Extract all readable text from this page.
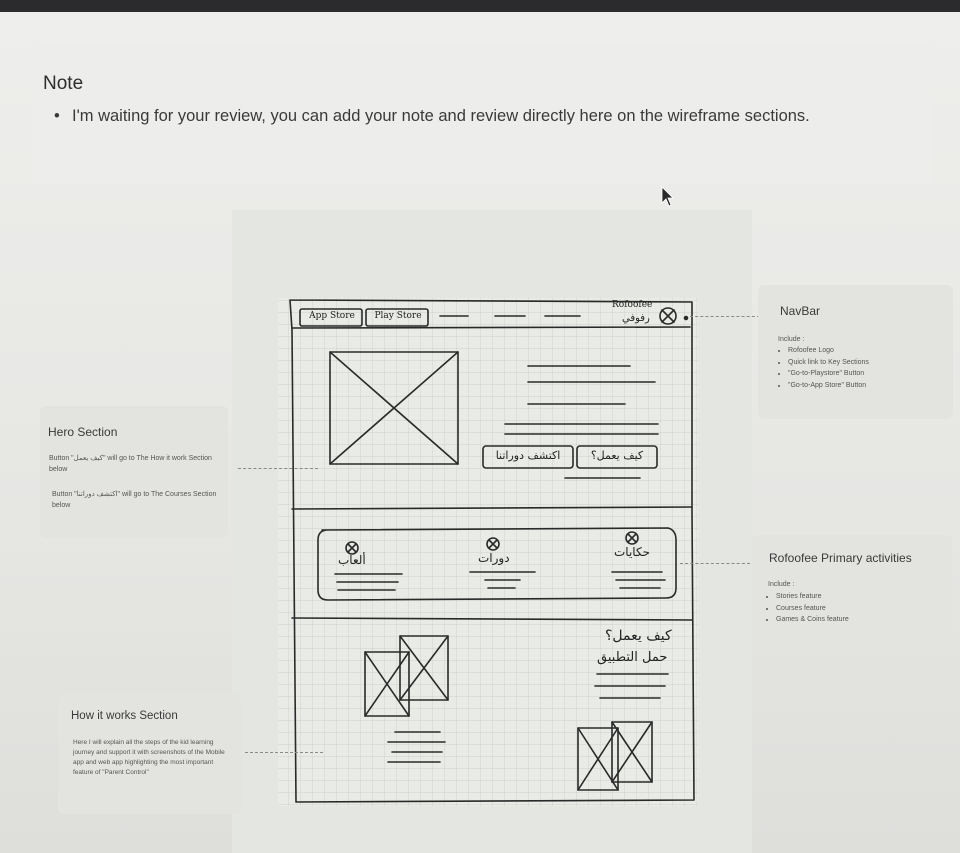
Note
• I'm waiting for your review, you can add your note and review directly here on the wireframe sections.
App Store	Play Store
Rofoofee
رفوفي
اكتشف دوراتنا	كيف يعمل؟
ألعاب	دورات	حكايات
كيف يعمل؟
حمل التطبيق
NavBar
Include :
• Rofoofee Logo
• Quick link to Key Sections
• "Go-to-Playstore" Button
• "Go-to-App Store" Button
Hero Section
Button "كيف يعمل" will go to The How it work Section below
Button "اكتشف دوراتنا" will go to The Courses Section below
Rofoofee Primary activities
Include :
• Stories feature
• Courses feature
• Games & Coins feature
How it works Section
Here I will explain all the steps of the kid learning journey and support it with screenshots of the Mobile app and web app highlighting the most important feature of "Parent Control"
